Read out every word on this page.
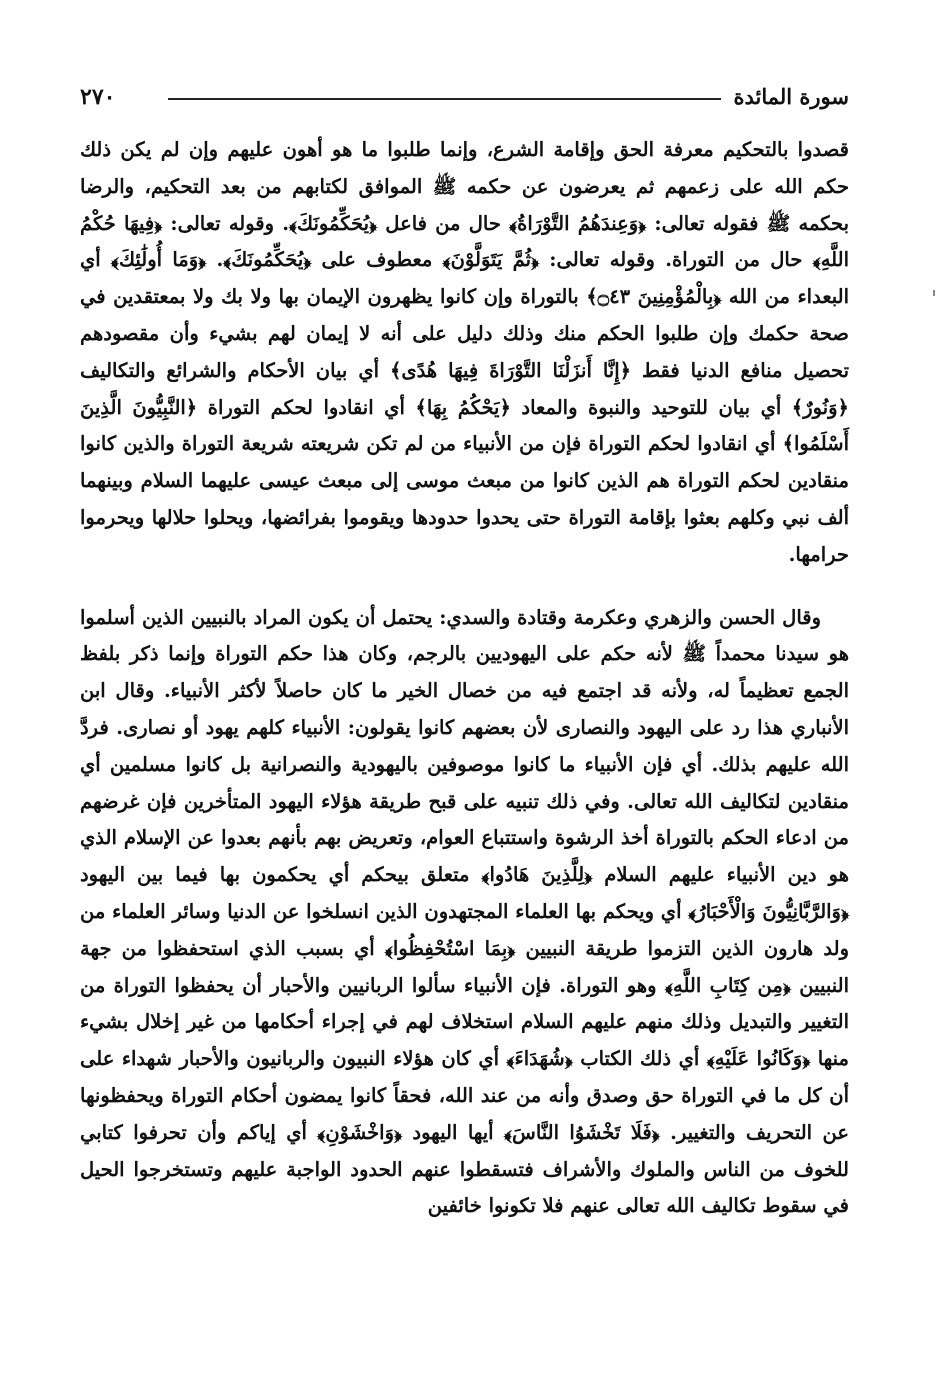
٢٧٠	سورة المائدة

قصدوا بالتحكيم معرفة الحق وإقامة الشرع، وإنما طلبوا ما هو أهون عليهم وإن لم يكن ذلك حكم الله على زعمهم ثم يعرضون عن حكمه ﷺ الموافق لكتابهم من بعد التحكيم، والرضا بحكمه ﷺ فقوله تعالى: ﴿وَعِندَهُمُ التَّوْرَاةُ﴾ حال من فاعل ﴿يُحَكِّمُونَكَ﴾. وقوله تعالى: ﴿فِيهَا حُكْمُ اللَّهِ﴾ حال من التوراة. وقوله تعالى: ﴿ثُمَّ يَتَوَلَّوْنَ﴾ معطوف على ﴿يُحَكِّمُونَكَ﴾. ﴿وَمَا أُولَٰئِكَ﴾ أي البعداء من الله ﴿بِالْمُؤْمِنِينَ ۝٤٣﴾ بالتوراة وإن كانوا يظهرون الإيمان بها ولا بك ولا بمعتقدين في صحة حكمك وإن طلبوا الحكم منك وذلك دليل على أنه لا إيمان لهم بشيء وأن مقصودهم تحصيل منافع الدنيا فقط ﴿إِنَّا أَنزَلْنَا التَّوْرَاةَ فِيهَا هُدًى﴾ أي بيان الأحكام والشرائع والتكاليف ﴿وَنُورٌ﴾ أي بيان للتوحيد والنبوة والمعاد ﴿يَحْكُمُ بِهَا﴾ أي انقادوا لحكم التوراة ﴿النَّبِيُّونَ الَّذِينَ أَسْلَمُوا﴾ أي انقادوا لحكم التوراة فإن من الأنبياء من لم تكن شريعته شريعة التوراة والذين كانوا منقادين لحكم التوراة هم الذين كانوا من مبعث موسى إلى مبعث عيسى عليهما السلام وبينهما ألف نبي وكلهم بعثوا بإقامة التوراة حتى يحدوا حدودها ويقوموا بفرائضها، ويحلوا حلالها ويحرموا حرامها.

وقال الحسن والزهري وعكرمة وقتادة والسدي: يحتمل أن يكون المراد بالنبيين الذين أسلموا هو سيدنا محمداً ﷺ لأنه حكم على اليهوديين بالرجم، وكان هذا حكم التوراة وإنما ذكر بلفظ الجمع تعظيماً له، ولأنه قد اجتمع فيه من خصال الخير ما كان حاصلاً لأكثر الأنبياء. وقال ابن الأنباري هذا رد على اليهود والنصارى لأن بعضهم كانوا يقولون: الأنبياء كلهم يهود أو نصارى. فردَّ الله عليهم بذلك. أي فإن الأنبياء ما كانوا موصوفين باليهودية والنصرانية بل كانوا مسلمين أي منقادين لتكاليف الله تعالى. وفي ذلك تنبيه على قبح طريقة هؤلاء اليهود المتأخرين فإن غرضهم من ادعاء الحكم بالتوراة أخذ الرشوة واستتباع العوام، وتعريض بهم بأنهم بعدوا عن الإسلام الذي هو دين الأنبياء عليهم السلام ﴿لِلَّذِينَ هَادُوا﴾ متعلق بيحكم أي يحكمون بها فيما بين اليهود ﴿وَالرَّبَّانِيُّونَ وَالْأَحْبَارُ﴾ أي ويحكم بها العلماء المجتهدون الذين انسلخوا عن الدنيا وسائر العلماء من ولد هارون الذين التزموا طريقة النبيين ﴿بِمَا اسْتُحْفِظُوا﴾ أي بسبب الذي استحفظوا من جهة النبيين ﴿مِن كِتَابِ اللَّهِ﴾ وهو التوراة. فإن الأنبياء سألوا الربانيين والأحبار أن يحفظوا التوراة من التغيير والتبديل وذلك منهم عليهم السلام استخلاف لهم في إجراء أحكامها من غير إخلال بشيء منها ﴿وَكَانُوا عَلَيْهِ﴾ أي ذلك الكتاب ﴿شُهَدَاءَ﴾ أي كان هؤلاء النبيون والربانيون والأحبار شهداء على أن كل ما في التوراة حق وصدق وأنه من عند الله، فحقاً كانوا يمضون أحكام التوراة ويحفظونها عن التحريف والتغيير. ﴿فَلَا تَخْشَوُا النَّاسَ﴾ أيها اليهود ﴿وَاخْشَوْنِ﴾ أي إياكم وأن تحرفوا كتابي للخوف من الناس والملوك والأشراف فتسقطوا عنهم الحدود الواجبة عليهم وتستخرجوا الحيل في سقوط تكاليف الله تعالى عنهم فلا تكونوا خائفين
